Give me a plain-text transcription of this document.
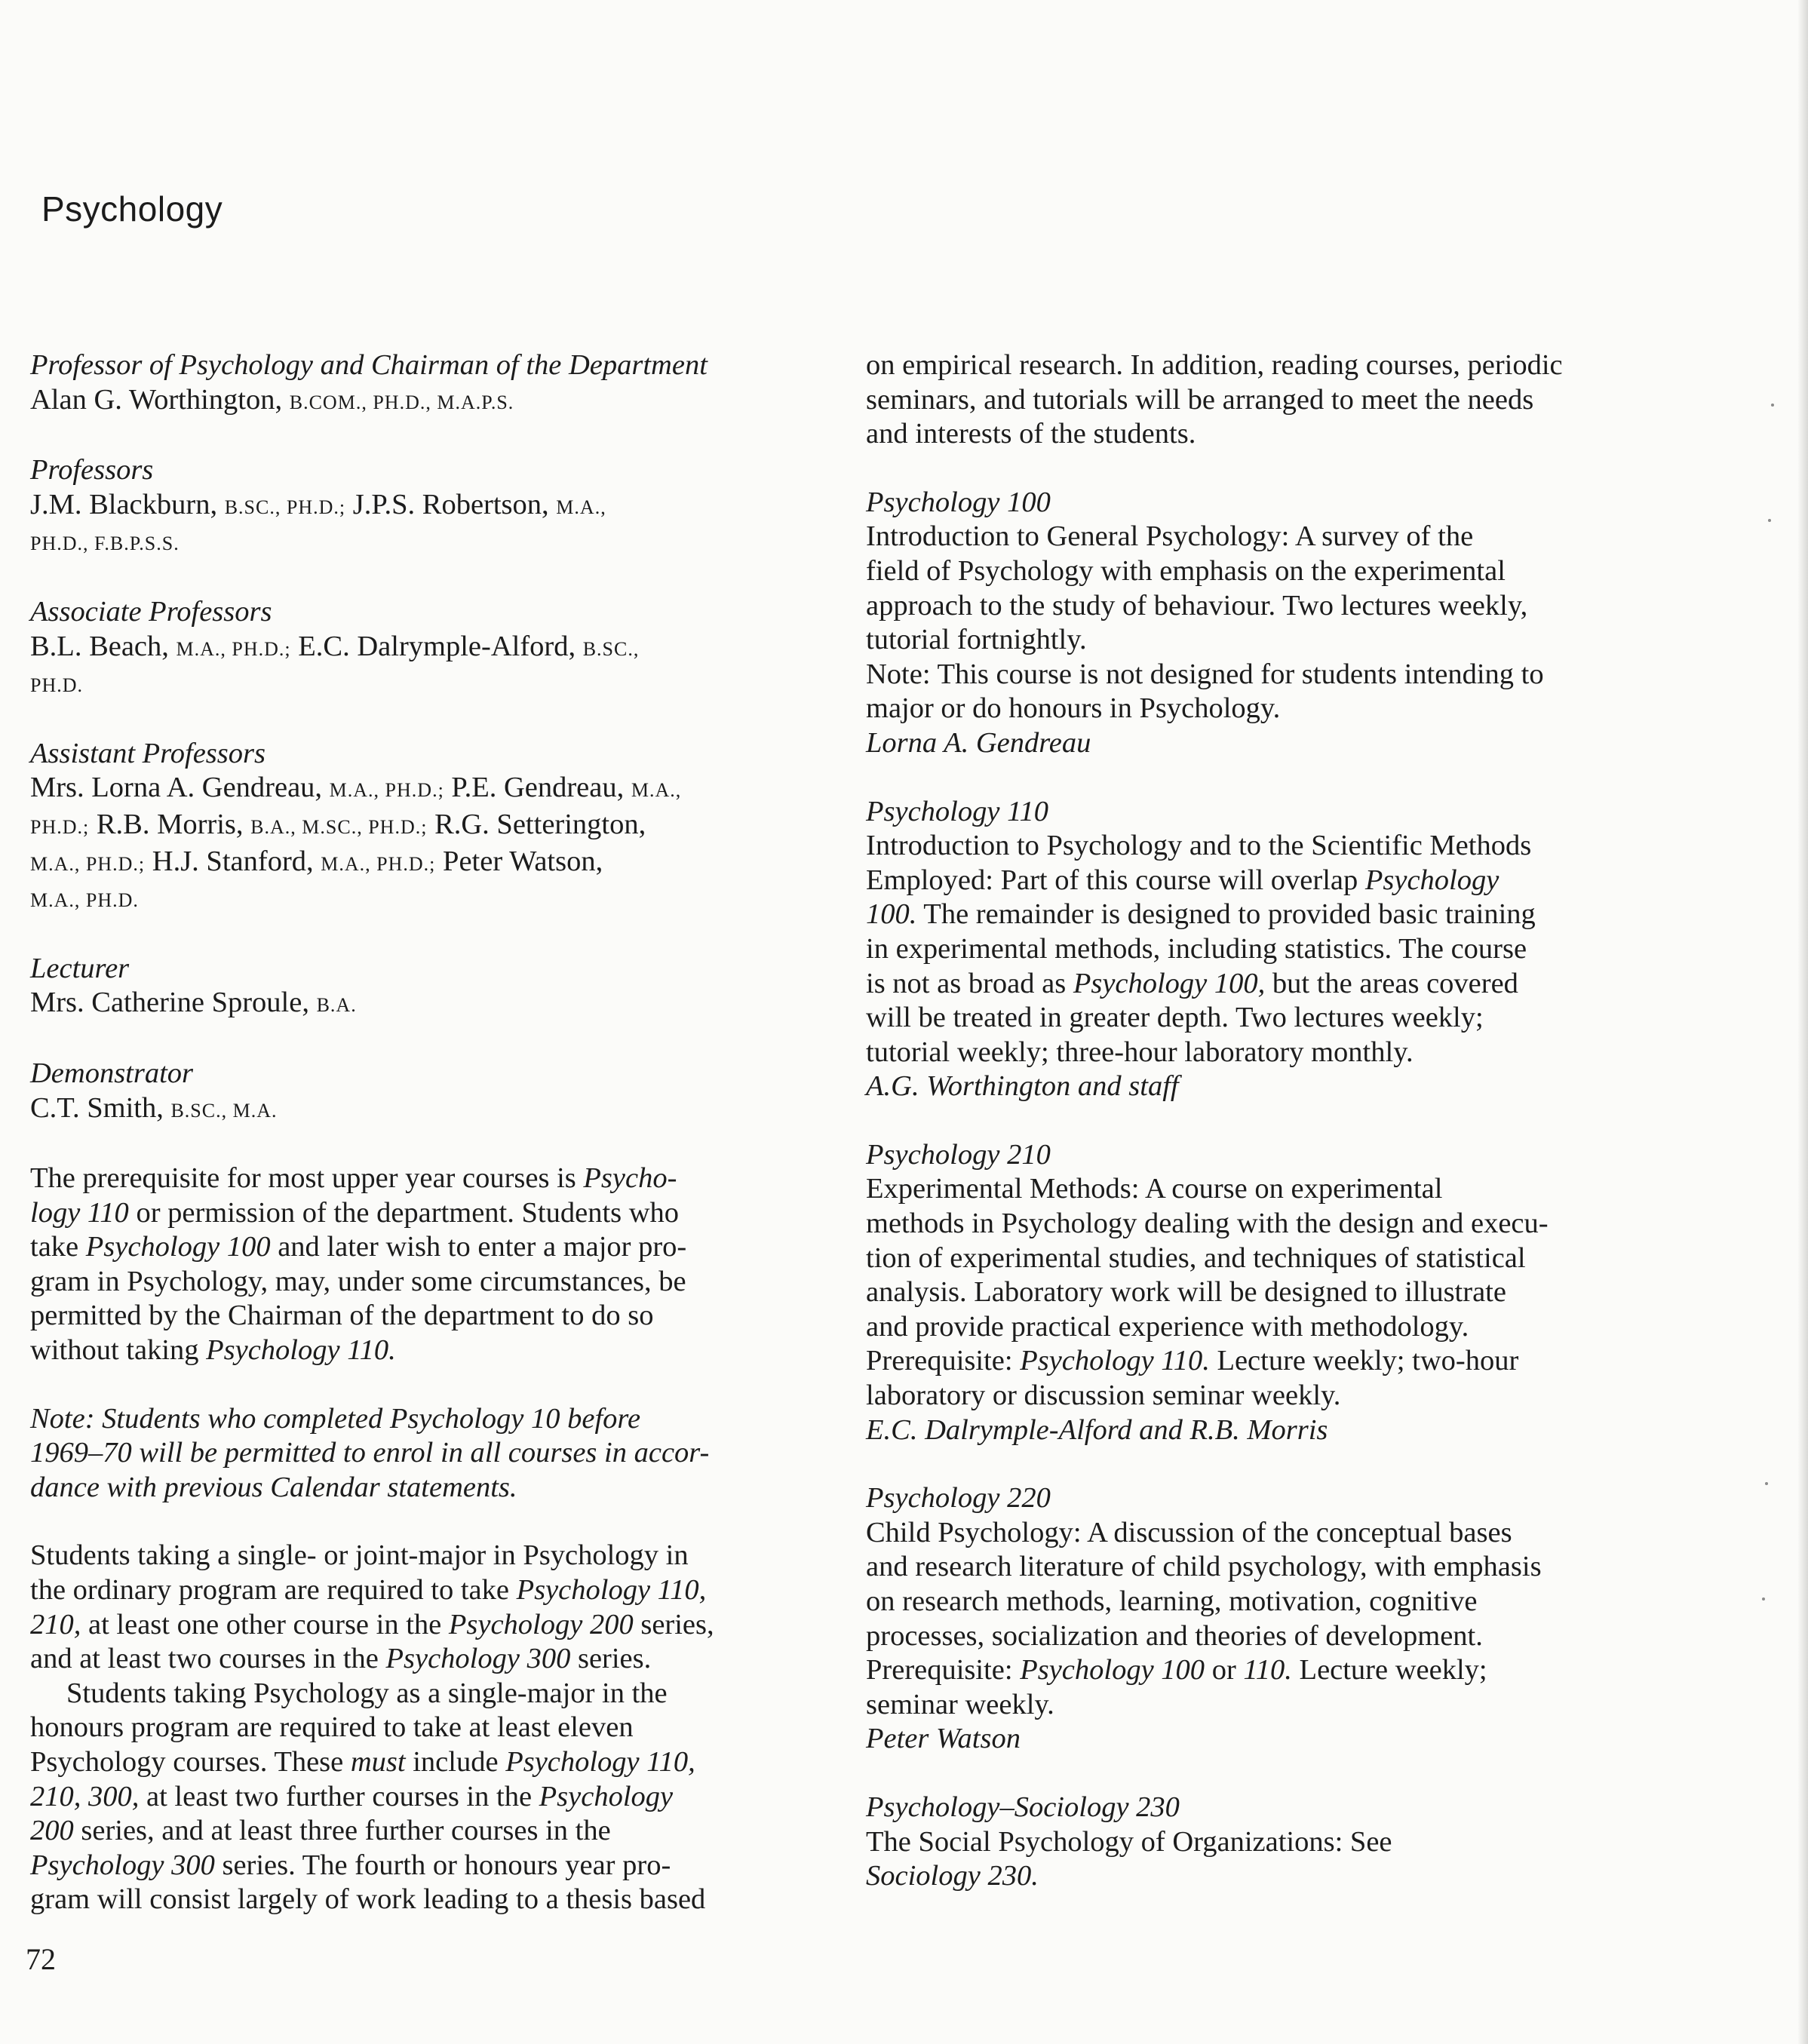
Psychology
Professor of Psychology and Chairman of the Department
Alan G. Worthington, B.COM., PH.D., M.A.P.S.
Professors
J.M. Blackburn, B.SC., PH.D.; J.P.S. Robertson, M.A.,
PH.D., F.B.P.S.S.
Associate Professors
B.L. Beach, M.A., PH.D.; E.C. Dalrymple-Alford, B.SC.,
PH.D.
Assistant Professors
Mrs. Lorna A. Gendreau, M.A., PH.D.; P.E. Gendreau, M.A.,
PH.D.; R.B. Morris, B.A., M.SC., PH.D.; R.G. Setterington,
M.A., PH.D.; H.J. Stanford, M.A., PH.D.; Peter Watson,
M.A., PH.D.
Lecturer
Mrs. Catherine Sproule, B.A.
Demonstrator
C.T. Smith, B.SC., M.A.
The prerequisite for most upper year courses is Psycho-
logy 110 or permission of the department. Students who
take Psychology 100 and later wish to enter a major pro-
gram in Psychology, may, under some circumstances, be
permitted by the Chairman of the department to do so
without taking Psychology 110.
Note: Students who completed Psychology 10 before
1969–70 will be permitted to enrol in all courses in accor-
dance with previous Calendar statements.
Students taking a single- or joint-major in Psychology in
the ordinary program are required to take Psychology 110,
210, at least one other course in the Psychology 200 series,
and at least two courses in the Psychology 300 series.
Students taking Psychology as a single-major in the
honours program are required to take at least eleven
Psychology courses. These must include Psychology 110,
210, 300, at least two further courses in the Psychology
200 series, and at least three further courses in the
Psychology 300 series. The fourth or honours year pro-
gram will consist largely of work leading to a thesis based
on empirical research. In addition, reading courses, periodic
seminars, and tutorials will be arranged to meet the needs
and interests of the students.
Psychology 100
Introduction to General Psychology: A survey of the
field of Psychology with emphasis on the experimental
approach to the study of behaviour. Two lectures weekly,
tutorial fortnightly.
Note: This course is not designed for students intending to
major or do honours in Psychology.
Lorna A. Gendreau
Psychology 110
Introduction to Psychology and to the Scientific Methods
Employed: Part of this course will overlap Psychology
100. The remainder is designed to provided basic training
in experimental methods, including statistics. The course
is not as broad as Psychology 100, but the areas covered
will be treated in greater depth. Two lectures weekly;
tutorial weekly; three-hour laboratory monthly.
A.G. Worthington and staff
Psychology 210
Experimental Methods: A course on experimental
methods in Psychology dealing with the design and execu-
tion of experimental studies, and techniques of statistical
analysis. Laboratory work will be designed to illustrate
and provide practical experience with methodology.
Prerequisite: Psychology 110. Lecture weekly; two-hour
laboratory or discussion seminar weekly.
E.C. Dalrymple-Alford and R.B. Morris
Psychology 220
Child Psychology: A discussion of the conceptual bases
and research literature of child psychology, with emphasis
on research methods, learning, motivation, cognitive
processes, socialization and theories of development.
Prerequisite: Psychology 100 or 110. Lecture weekly;
seminar weekly.
Peter Watson
Psychology–Sociology 230
The Social Psychology of Organizations: See
Sociology 230.
72
